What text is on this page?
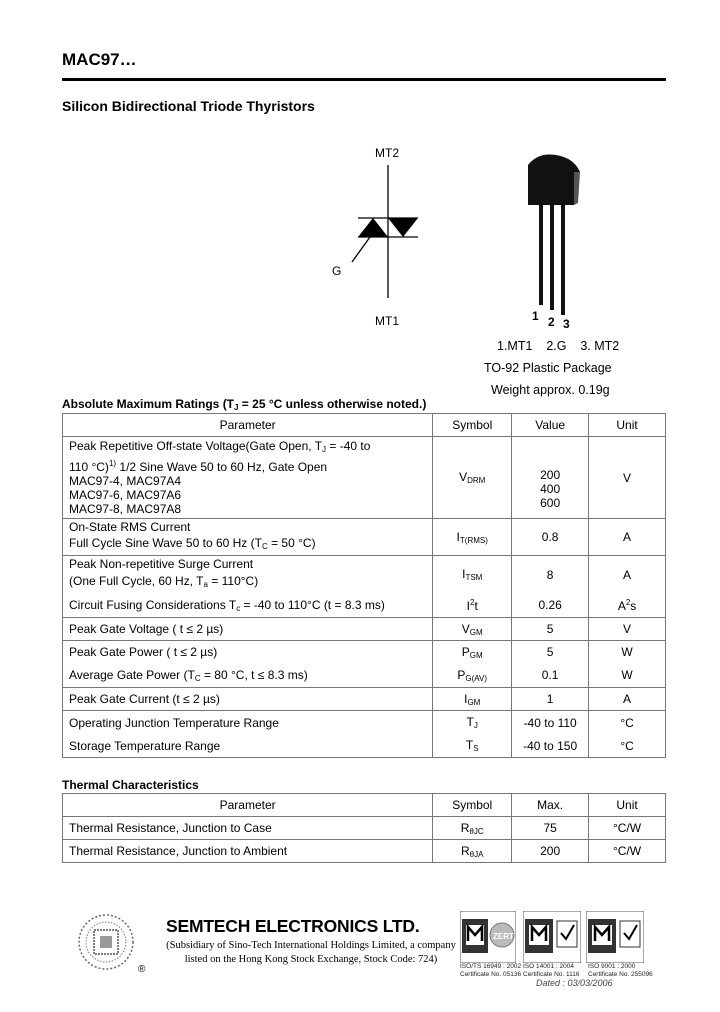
MAC97…
Silicon Bidirectional Triode Thyristors
MT2
G
MT1	1 2 3
1.MT1    2.G    3. MT2
TO-92 Plastic Package
Weight approx. 0.19g
Absolute Maximum Ratings ($T_J = 25$ °C unless otherwise noted.)
Parameter	Symbol	Value	Unit

Peak Repetitive Off-state Voltage(Gate Open, $T_J = -40$ to
110 °C)$^{1)}$ 1/2 Sine Wave 50 to 60 Hz, Gate Open
MAC97-4, MAC97A4
MAC97-6, MAC97A6
MAC97-8, MAC97A8	$V_{DRM}$	200
400
600	V

On-State RMS Current
Full Cycle Sine Wave 50 to 60 Hz ($T_C = 50$ °C)	$I_{T(RMS)}$	0.8	A

Peak Non-repetitive Surge Current
(One Full Cycle, 60 Hz, $T_a = 110^\circ C$)	$I_{TSM}$	8	A
Circuit Fusing Considerations $T_c = -40$ to 110°C (t = 8.3 ms)	$I^2t$	0.26	$A^2s$
Peak Gate Voltage ( t ≤ 2 µs)	$V_{GM}$	5	V
Peak Gate Power ( t ≤ 2 µs)	$P_{GM}$	5	W
Average Gate Power ($T_C = 80$ °C, t ≤ 8.3 ms)	$P_{G(AV)}$	0.1	W
Peak Gate Current (t ≤ 2 µs)	$I_{GM}$	1	A
Operating Junction Temperature Range	$T_J$	-40 to 110	°C
Storage Temperature Range	$T_S$	-40 to 150	°C
Thermal Characteristics
Parameter	Symbol	Max.	Unit
Thermal Resistance, Junction to Case	$R_{\theta JC}$	75	°C/W
Thermal Resistance, Junction to Ambient	$R_{\theta JA}$	200	°C/W
®
SEMTECH ELECTRONICS LTD.
(Subsidiary of Sino-Tech International Holdings Limited, a company
listed on the Hong Kong Stock Exchange, Stock Code: 724)
ZERT
ISO/TS 16949 : 2002
Certificate No. 05136
ISO 14001 : 2004
Certificate No. 1116
ISO 9001 : 2000
Certificate No. 255096
Dated : 03/03/2006
